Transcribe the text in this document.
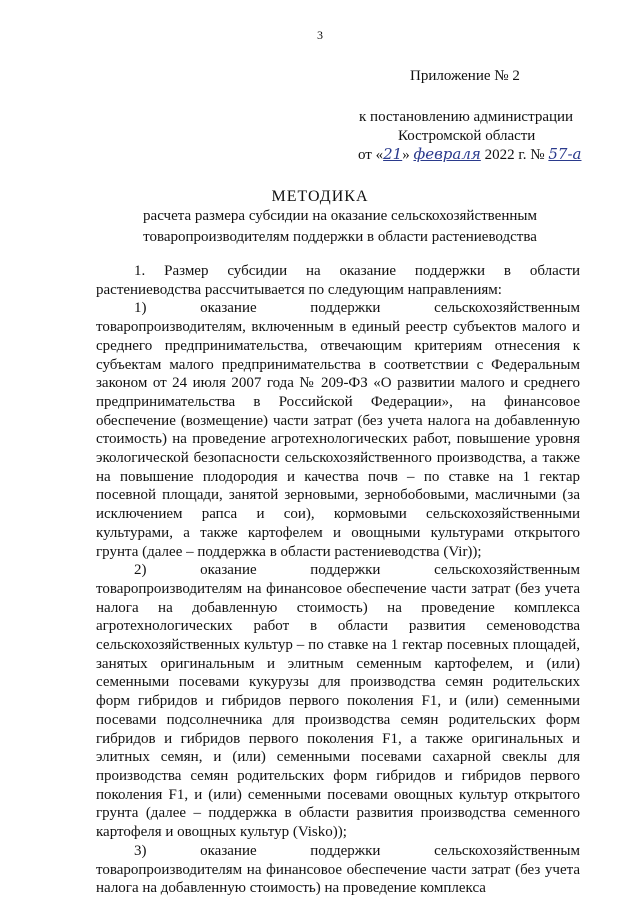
3
Приложение № 2
к постановлению администрации
Костромской области
от «21» февраля 2022 г. № 57-а
МЕТОДИКА
расчета размера субсидии на оказание сельскохозяйственным
товаропроизводителям поддержки в области растениеводства

1. Размер субсидии на оказание поддержки в области растениеводства рассчитывается по следующим направлениям:

1) оказание поддержки сельскохозяйственным товаропроизводителям, включенным в единый реестр субъектов малого и среднего предпринимательства, отвечающим критериям отнесения к субъектам малого предпринимательства в соответствии с Федеральным законом от 24 июля 2007 года № 209-ФЗ «О развитии малого и среднего предпринимательства в Российской Федерации», на финансовое обеспечение (возмещение) части затрат (без учета налога на добавленную стоимость) на проведение агротехнологических работ, повышение уровня экологической безопасности сельскохозяйственного производства, а также на повышение плодородия и качества почв – по ставке на 1 гектар посевной площади, занятой зерновыми, зернобобовыми, масличными (за исключением рапса и сои), кормовыми сельскохозяйственными культурами, а также картофелем и овощными культурами открытого грунта (далее – поддержка в области растениеводства (Vir));

2) оказание поддержки сельскохозяйственным товаропроизводителям на финансовое обеспечение части затрат (без учета налога на добавленную стоимость) на проведение комплекса агротехнологических работ в области развития семеноводства сельскохозяйственных культур – по ставке на 1 гектар посевных площадей, занятых оригинальным и элитным семенным картофелем, и (или) семенными посевами кукурузы для производства семян родительских форм гибридов и гибридов первого поколения F1, и (или) семенными посевами подсолнечника для производства семян родительских форм гибридов и гибридов первого поколения F1, а также оригинальных и элитных семян, и (или) семенными посевами сахарной свеклы для производства семян родительских форм гибридов и гибридов первого поколения F1, и (или) семенными посевами овощных культур открытого грунта (далее – поддержка в области развития производства семенного картофеля и овощных культур (Visko));

3) оказание поддержки сельскохозяйственным товаропроизводителям на финансовое обеспечение части затрат (без учета налога на добавленную стоимость) на проведение комплекса
